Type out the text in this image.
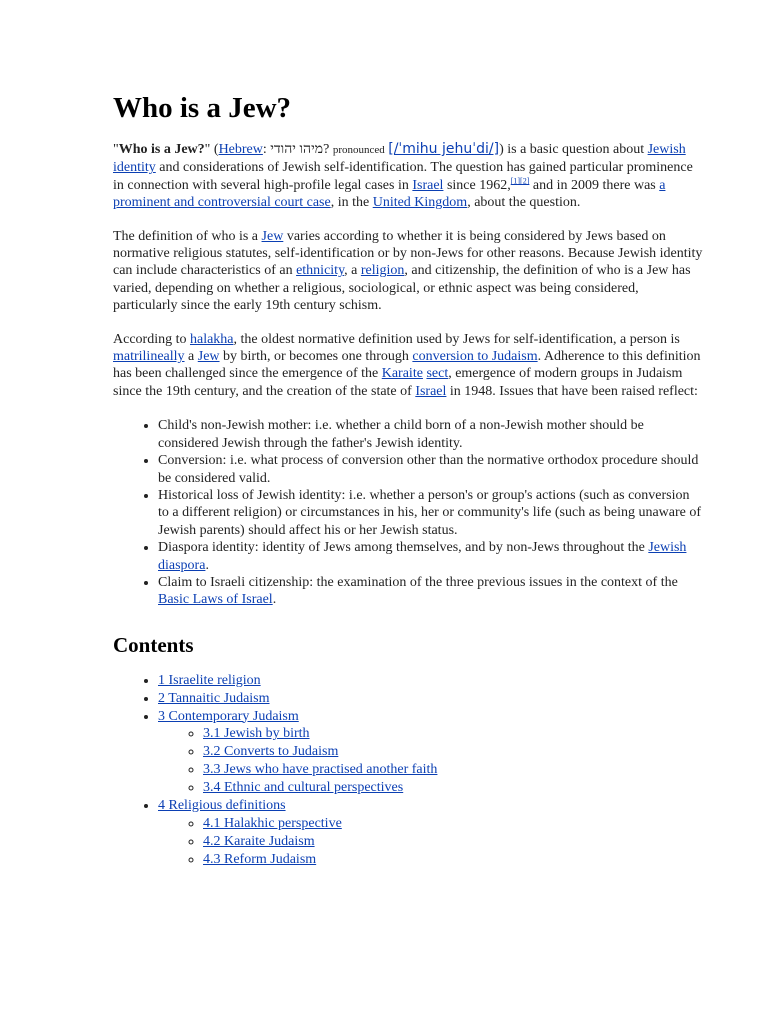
Who is a Jew?

"Who is a Jew?" (Hebrew: מיהו יהודי? pronounced [/ˈmihu jehuˈdi/]) is a basic question about Jewish identity and considerations of Jewish self-identification. The question has gained particular prominence in connection with several high-profile legal cases in Israel since 1962,[1][2] and in 2009 there was a prominent and controversial court case, in the United Kingdom, about the question.

The definition of who is a Jew varies according to whether it is being considered by Jews based on normative religious statutes, self-identification or by non-Jews for other reasons. Because Jewish identity can include characteristics of an ethnicity, a religion, and citizenship, the definition of who is a Jew has varied, depending on whether a religious, sociological, or ethnic aspect was being considered, particularly since the early 19th century schism.

According to halakha, the oldest normative definition used by Jews for self-identification, a person is matrilineally a Jew by birth, or becomes one through conversion to Judaism. Adherence to this definition has been challenged since the emergence of the Karaite sect, emergence of modern groups in Judaism since the 19th century, and the creation of the state of Israel in 1948. Issues that have been raised reflect:

• Child's non-Jewish mother: i.e. whether a child born of a non-Jewish mother should be considered Jewish through the father's Jewish identity.
• Conversion: i.e. what process of conversion other than the normative orthodox procedure should be considered valid.
• Historical loss of Jewish identity: i.e. whether a person's or group's actions (such as conversion to a different religion) or circumstances in his, her or community's life (such as being unaware of Jewish parents) should affect his or her Jewish status.
• Diaspora identity: identity of Jews among themselves, and by non-Jews throughout the Jewish diaspora.
• Claim to Israeli citizenship: the examination of the three previous issues in the context of the Basic Laws of Israel.
Contents
• 1 Israelite religion
• 2 Tannaitic Judaism
• 3 Contemporary Judaism
◦ 3.1 Jewish by birth
◦ 3.2 Converts to Judaism
◦ 3.3 Jews who have practised another faith
◦ 3.4 Ethnic and cultural perspectives
• 4 Religious definitions
◦ 4.1 Halakhic perspective
◦ 4.2 Karaite Judaism
◦ 4.3 Reform Judaism
